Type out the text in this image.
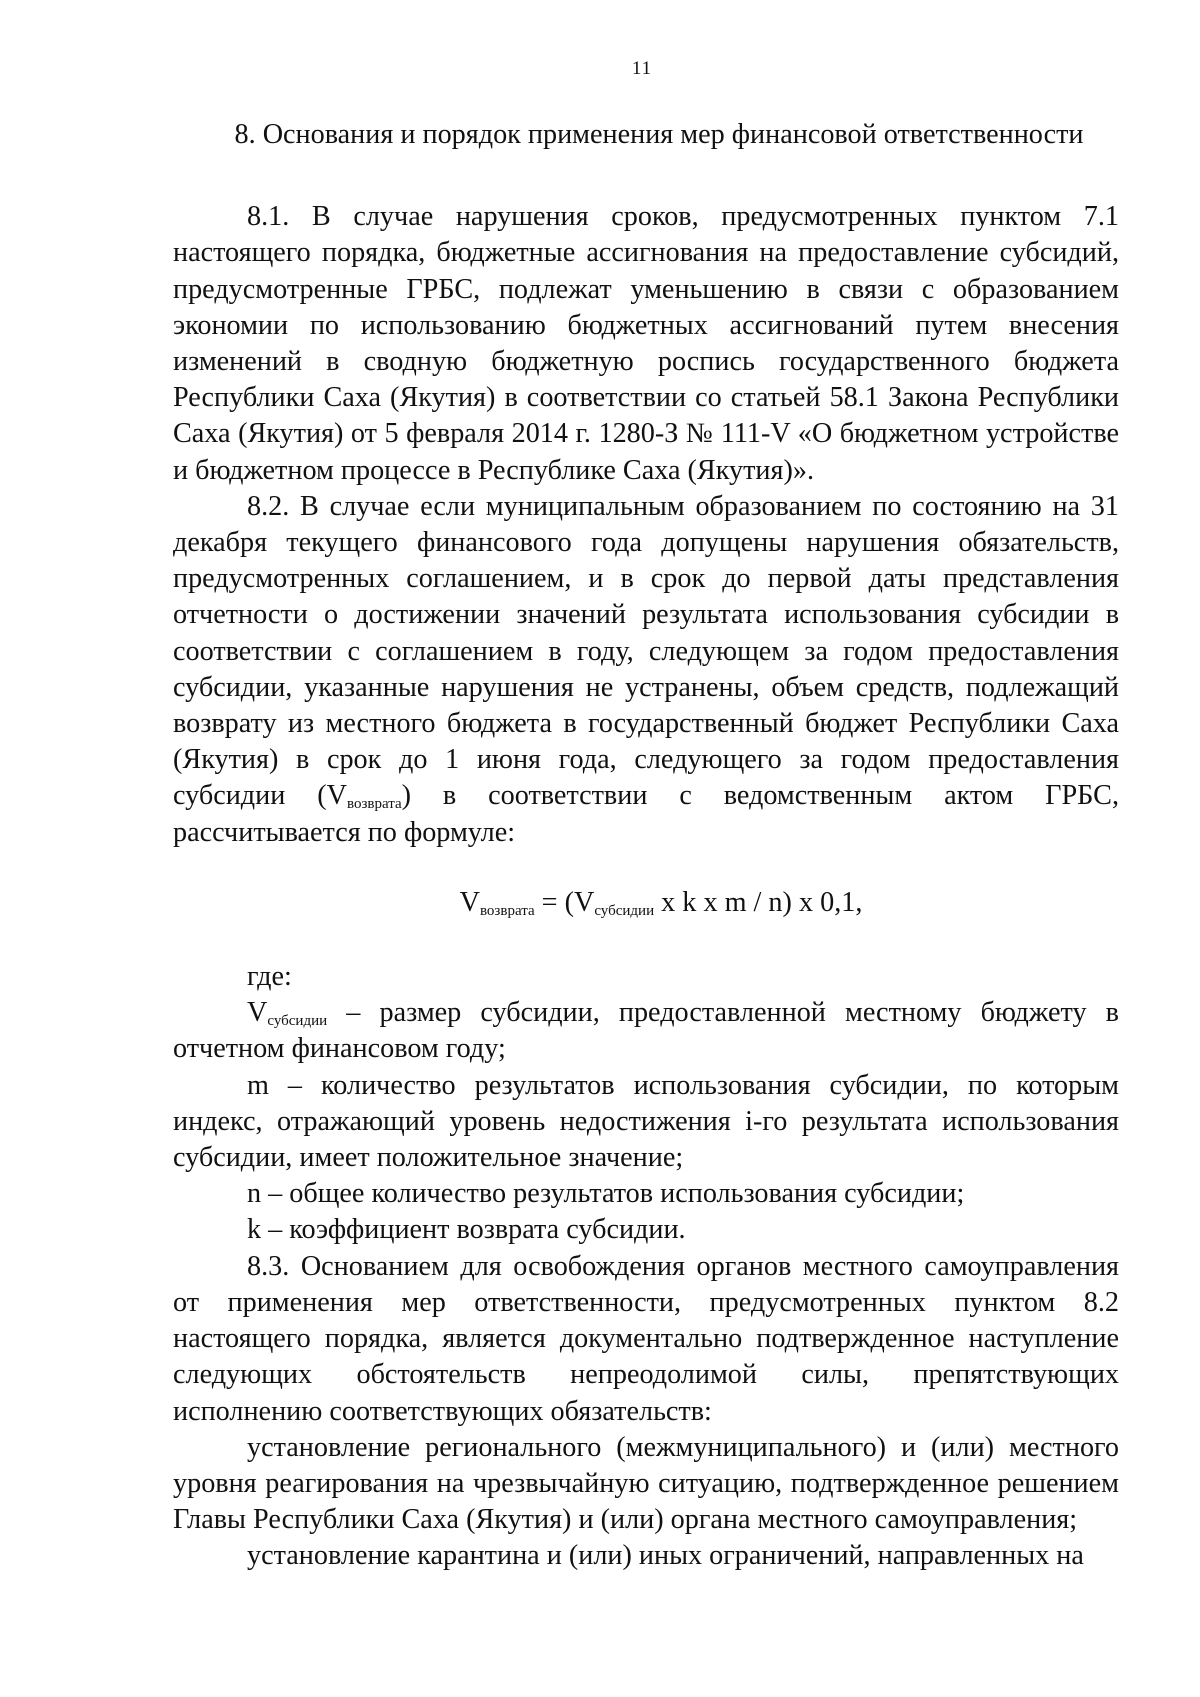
11
8. Основания и порядок применения мер финансовой ответственности

8.1. В случае нарушения сроков, предусмотренных пунктом 7.1 настоящего порядка, бюджетные ассигнования на предоставление субсидий, предусмотренные ГРБС, подлежат уменьшению в связи с образованием экономии по использованию бюджетных ассигнований путем внесения изменений в сводную бюджетную роспись государственного бюджета Республики Саха (Якутия) в соответствии со статьей 58.1 Закона Республики Саха (Якутия) от 5 февраля 2014 г. 1280-З № 111-V «О бюджетном устройстве и бюджетном процессе в Республике Саха (Якутия)».

8.2. В случае если муниципальным образованием по состоянию на 31 декабря текущего финансового года допущены нарушения обязательств, предусмотренных соглашением, и в срок до первой даты представления отчетности о достижении значений результата использования субсидии в соответствии с соглашением в году, следующем за годом предоставления субсидии, указанные нарушения не устранены, объем средств, подлежащий возврату из местного бюджета в государственный бюджет Республики Саха (Якутия) в срок до 1 июня года, следующего за годом предоставления субсидии $(V_{возврата})$ в соответствии с ведомственным актом ГРБС, рассчитывается по формуле:

$V_{возврата} = (V_{субсидии}$ x k x m / n) x 0,1,

где:

$V_{субсидии}$ – размер субсидии, предоставленной местному бюджету в отчетном финансовом году;

m – количество результатов использования субсидии, по которым индекс, отражающий уровень недостижения i-го результата использования субсидии, имеет положительное значение;

n – общее количество результатов использования субсидии;

k – коэффициент возврата субсидии.

8.3. Основанием для освобождения органов местного самоуправления от применения мер ответственности, предусмотренных пунктом 8.2 настоящего порядка, является документально подтвержденное наступление следующих обстоятельств непреодолимой силы, препятствующих исполнению соответствующих обязательств:

установление регионального (межмуниципального) и (или) местного уровня реагирования на чрезвычайную ситуацию, подтвержденное решением Главы Республики Саха (Якутия) и (или) органа местного самоуправления;

установление карантина и (или) иных ограничений, направленных на
